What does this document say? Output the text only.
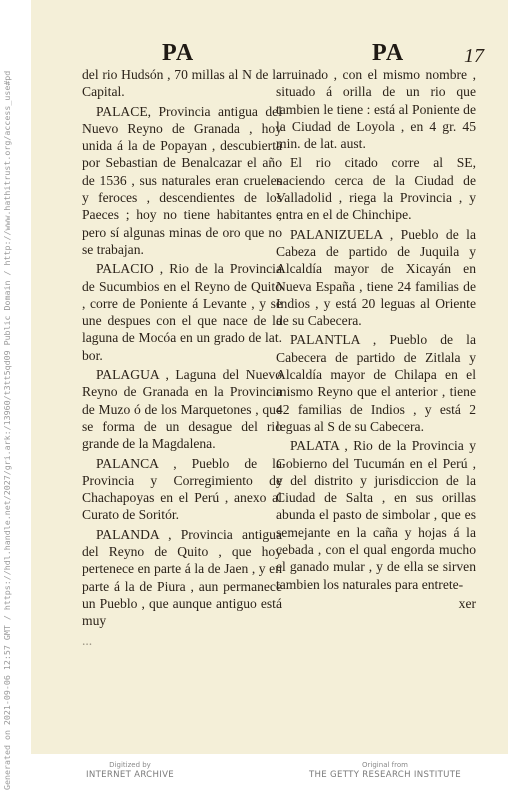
PA	PA	17

del rio Hudsón , 70 millas al N de la Capital.

PALACE, Provincia antigua del Nuevo Reyno de Granada , hoy unida á la de Popayan , descubierta por Sebastian de Benalcazar el año de 1536 , sus naturales eran crueles y feroces , descendientes de los Paeces ; hoy no tiene habitantes , pero sí algunas minas de oro que no se trabajan.

PALACIO , Rio de la Provincia de Sucumbios en el Reyno de Quito , corre de Poniente á Levante , y se une despues con el que nace de la laguna de Mocóa en un grado de lat. bor.

PALAGUA , Laguna del Nuevo Reyno de Granada en la Provincia de Muzo ó de los Marquetones , que se forma de un desague del rio grande de la Magdalena.

PALANCA , Pueblo de la Provincia y Corregimiento de Chachapoyas en el Perú , anexo al Curato de Soritór.

PALANDA , Provincia antigua del Reyno de Quito , que hoy pertenece en parte á la de Jaen , y en parte á la de Piura , aun permanece un Pueblo , que aunque antiguo está muy

...

arruinado , con el mismo nombre , situado á orilla de un rio que tambien le tiene : está al Poniente de la Ciudad de Loyola , en 4 gr. 45 min. de lat. aust.

El rio citado corre al SE, naciendo cerca de la Ciudad de Valladolid , riega la Provincia , y entra en el de Chinchipe.

PALANIZUELA , Pueblo de la Cabeza de partido de Juquila y Alcaldía mayor de Xicayán en Nueva España , tiene 24 familias de Indios , y está 20 leguas al Oriente de su Cabecera.

PALANTLA , Pueblo de la Cabecera de partido de Zitlala y Alcaldía mayor de Chilapa en el mismo Reyno que el anterior , tiene 42 familias de Indios , y está 2 leguas al S de su Cabecera.

PALATA , Rio de la Provincia y Gobierno del Tucumán en el Perú , y del distrito y jurisdiccion de la Ciudad de Salta , en sus orillas abunda el pasto de simbolar , que es semejante en la caña y hojas á la cebada , con el qual engorda mucho el ganado mular , y de ella se sirven tambien los naturales para entrete-

xer
Generated on 2021-09-06 12:57 GMT / https://hdl.handle.net/2027/gri.ark:/13960/t3tt5qd09 Public Domain / http://www.hathitrust.org/access_use#pd	Digitized by
INTERNET ARCHIVE
Original from
THE GETTY RESEARCH INSTITUTE
